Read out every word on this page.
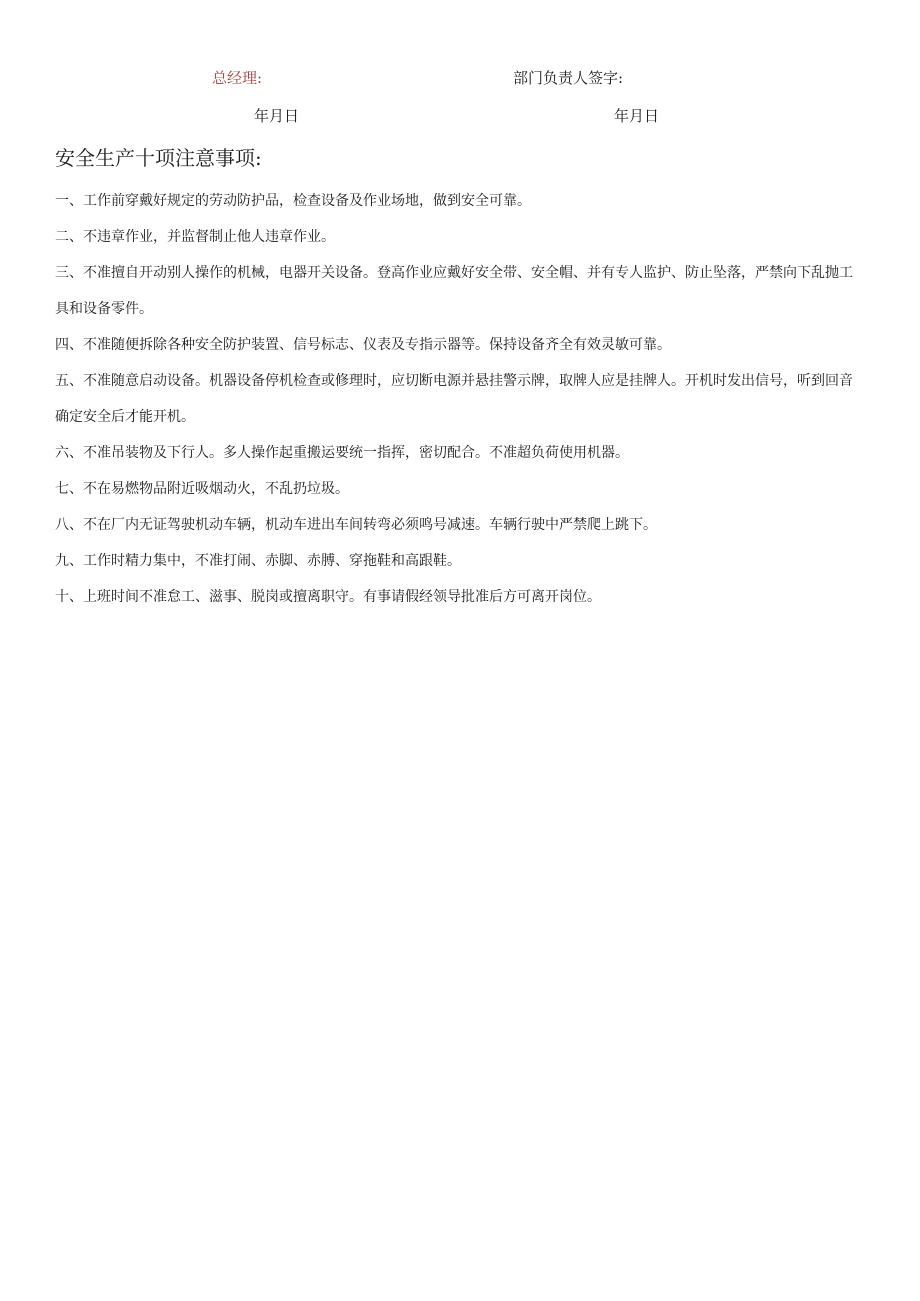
总经理:	部门负责人签字:
年月日	年月日
安全生产十项注意事项:
一、工作前穿戴好规定的劳动防护品，检查设备及作业场地，做到安全可靠。
二、不违章作业，并监督制止他人违章作业。
三、不准擅自开动别人操作的机械，电器开关设备。登高作业应戴好安全带、安全帽、并有专人监护、防止坠落，严禁向下乱抛工具和设备零件。
四、不准随便拆除各种安全防护装置、信号标志、仪表及专指示器等。保持设备齐全有效灵敏可靠。
五、不准随意启动设备。机器设备停机检查或修理时，应切断电源并悬挂警示牌，取牌人应是挂牌人。开机时发出信号，听到回音确定安全后才能开机。
六、不准吊装物及下行人。多人操作起重搬运要统一指挥，密切配合。不准超负荷使用机器。
七、不在易燃物品附近吸烟动火，不乱扔垃圾。
八、不在厂内无证驾驶机动车辆，机动车进出车间转弯必须鸣号减速。车辆行驶中严禁爬上跳下。
九、工作时精力集中，不准打闹、赤脚、赤膊、穿拖鞋和高跟鞋。
十、上班时间不准怠工、滋事、脱岗或擅离职守。有事请假经领导批准后方可离开岗位。
